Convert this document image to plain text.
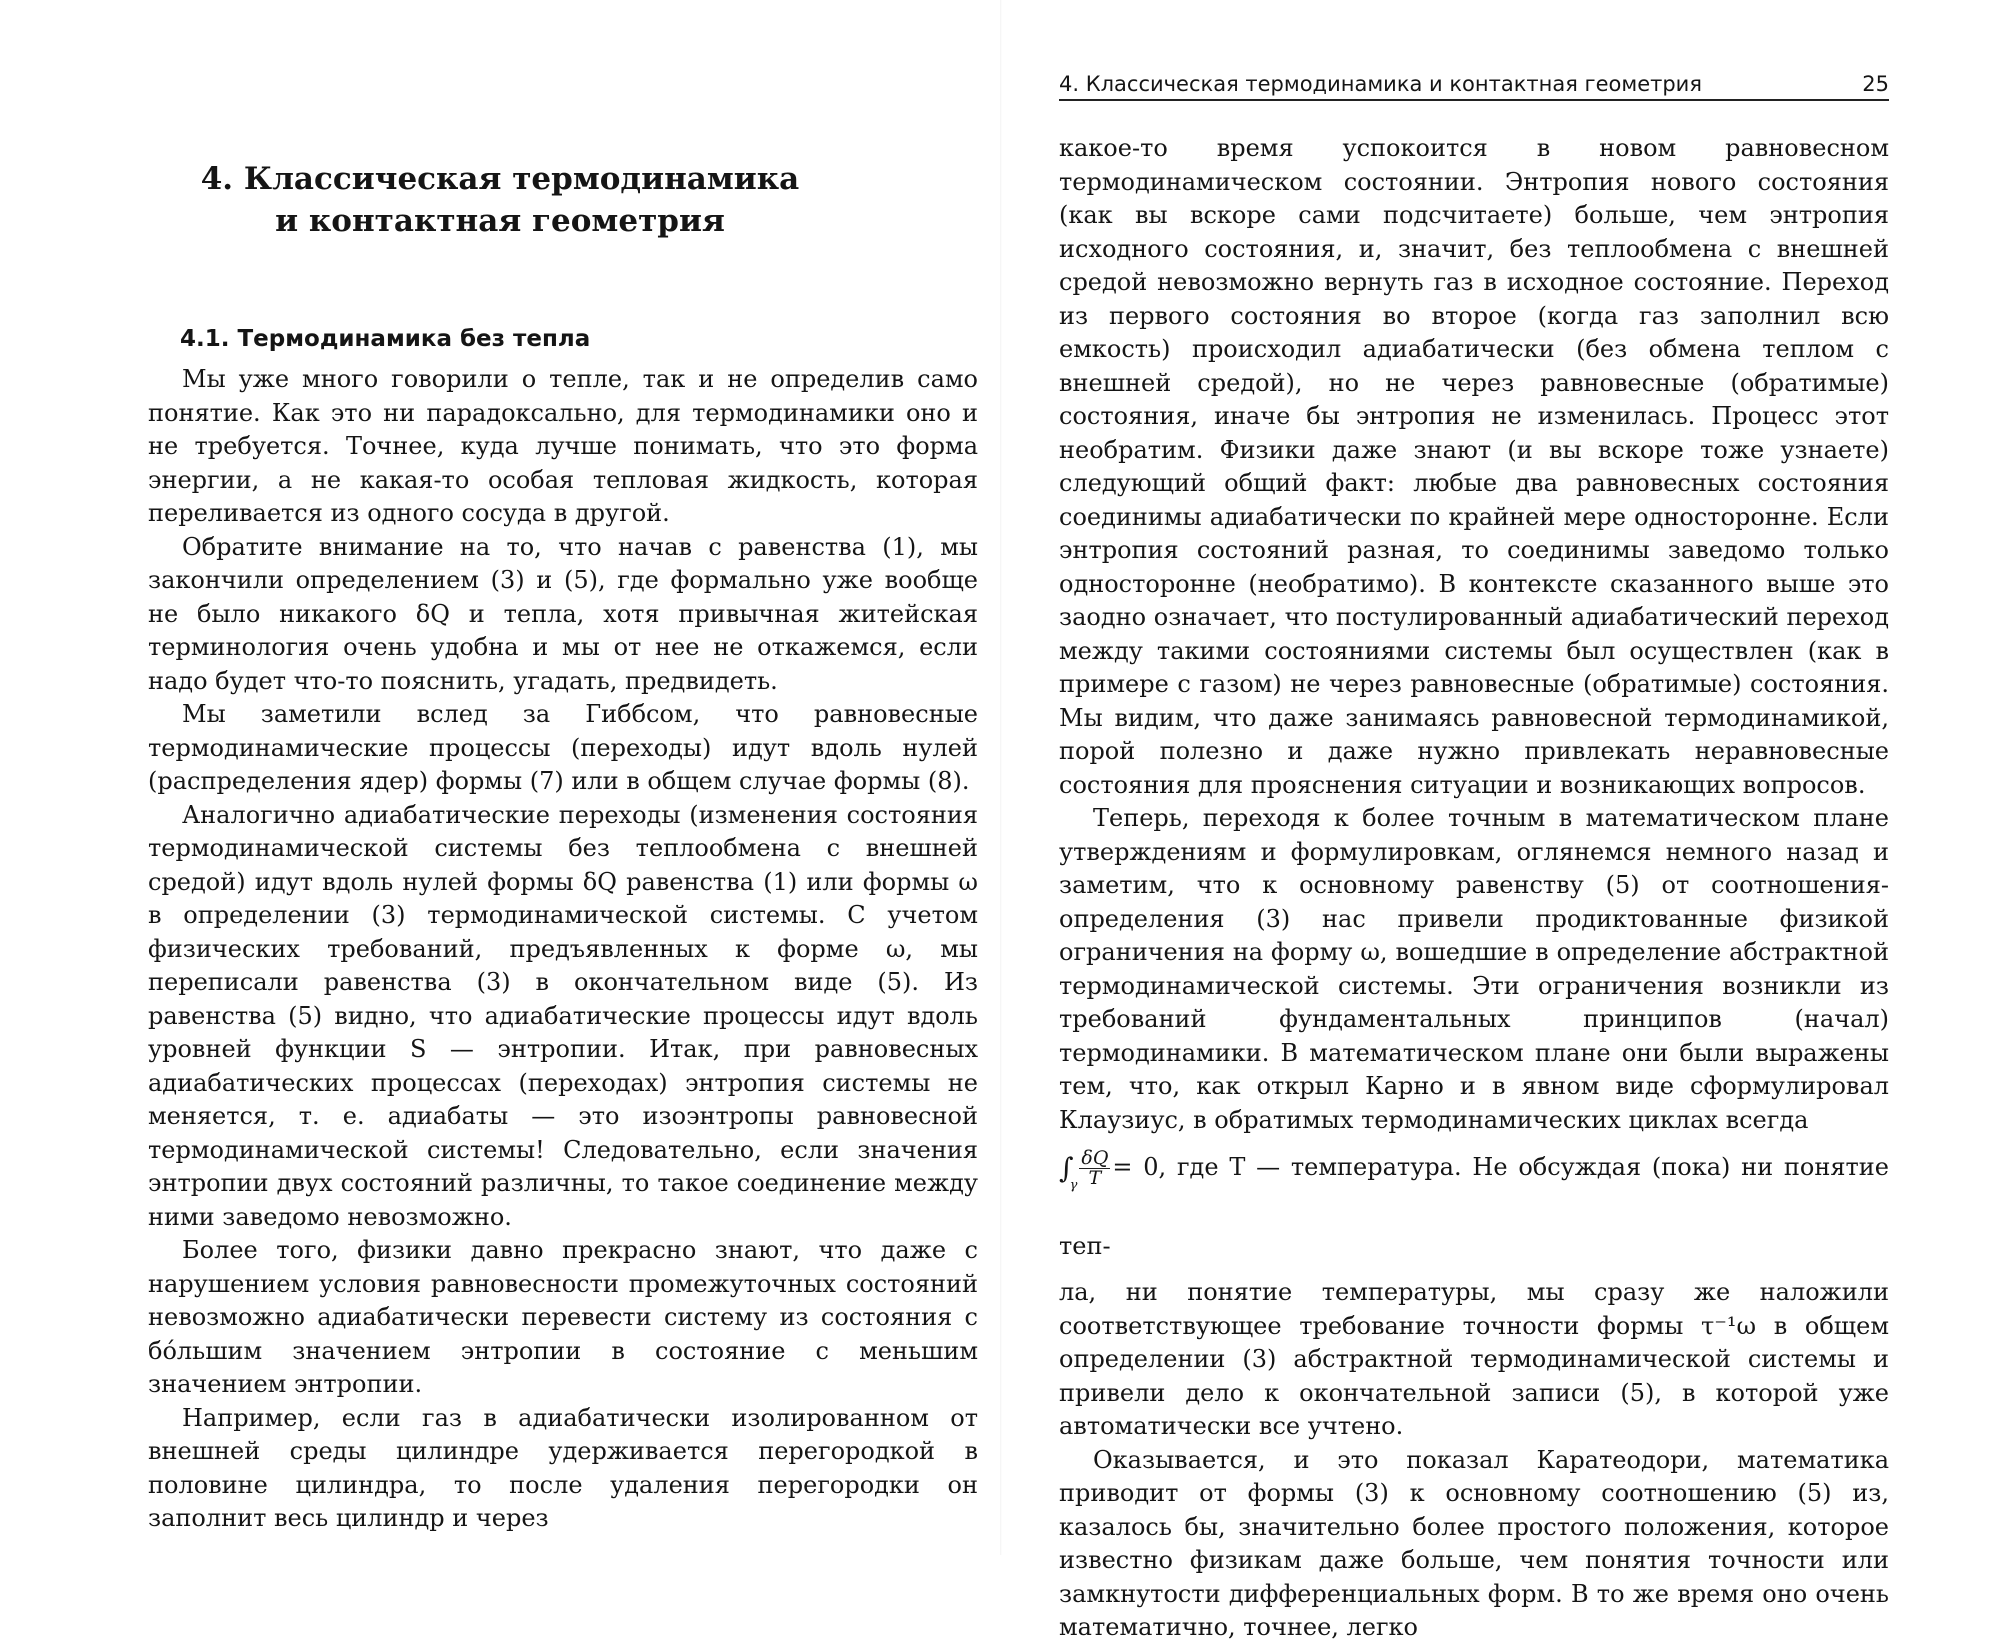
4. Классическая термодинамика
и контактная геометрия
4.1. Термодинамика без тепла

Мы уже много говорили о тепле, так и не определив само понятие. Как это ни парадоксально, для термодинамики оно и не требуется. Точнее, куда лучше понимать, что это форма энергии, а не какая-то особая тепловая жидкость, которая переливается из одного сосуда в другой.

Обратите внимание на то, что начав с равенства (1), мы закончили определением (3) и (5), где формально уже вообще не было никакого δQ и тепла, хотя привычная житейская терминология очень удобна и мы от нее не откажемся, если надо будет что-то пояснить, угадать, предвидеть.

Мы заметили вслед за Гиббсом, что равновесные термодинамические процессы (переходы) идут вдоль нулей (распределения ядер) формы (7) или в общем случае формы (8).

Аналогично адиабатические переходы (изменения состояния термодинамической системы без теплообмена с внешней средой) идут вдоль нулей формы δQ равенства (1) или формы ω в определении (3) термодинамической системы. С учетом физических требований, предъявленных к форме ω, мы переписали равенства (3) в окончательном виде (5). Из равенства (5) видно, что адиабатические процессы идут вдоль уровней функции S — энтропии. Итак, при равновесных адиабатических процессах (переходах) энтропия системы не меняется, т. е. адиабаты — это изоэнтропы равновесной термодинамической системы! Следовательно, если значения энтропии двух состояний различны, то такое соединение между ними заведомо невозможно.

Более того, физики давно прекрасно знают, что даже с нарушением условия равновесности промежуточных состояний невозможно адиабатически перевести систему из состояния с бóльшим значением энтропии в состояние с меньшим значением энтропии.

Например, если газ в адиабатически изолированном от внешней среды цилиндре удерживается перегородкой в половине цилиндра, то после удаления перегородки он заполнит весь цилиндр и через

4. Классическая термодинамика и контактная геометрия	25

какое-то время успокоится в новом равновесном термодинамическом состоянии. Энтропия нового состояния (как вы вскоре сами подсчитаете) больше, чем энтропия исходного состояния, и, значит, без теплообмена с внешней средой невозможно вернуть газ в исходное состояние. Переход из первого состояния во второе (когда газ заполнил всю емкость) происходил адиабатически (без обмена теплом с внешней средой), но не через равновесные (обратимые) состояния, иначе бы энтропия не изменилась. Процесс этот необратим. Физики даже знают (и вы вскоре тоже узнаете) следующий общий факт: любые два равновесных состояния соединимы адиабатически по крайней мере односторонне. Если энтропия состояний разная, то соединимы заведомо только односторонне (необратимо). В контексте сказанного выше это заодно означает, что постулированный адиабатический переход между такими состояниями системы был осуществлен (как в примере с газом) не через равновесные (обратимые) состояния. Мы видим, что даже занимаясь равновесной термодинамикой, порой полезно и даже нужно привлекать неравновесные состояния для прояснения ситуации и возникающих вопросов.

Теперь, переходя к более точным в математическом плане утверждениям и формулировкам, оглянемся немного назад и заметим, что к основному равенству (5) от соотношения-определения (3) нас привели продиктованные физикой ограничения на форму ω, вошедшие в определение абстрактной термодинамической системы. Эти ограничения возникли из требований фундаментальных принципов (начал) термодинамики. В математическом плане они были выражены тем, что, как открыл Карно и в явном виде сформулировал Клаузиус, в обратимых термодинамических циклах всегда

$\int_\gamma \frac{\delta Q}{T} = 0$, где T — температура. Не обсуждая (пока) ни понятие теп-

ла, ни понятие температуры, мы сразу же наложили соответствующее требование точности формы τ⁻¹ω в общем определении (3) абстрактной термодинамической системы и привели дело к окончательной записи (5), в которой уже автоматически все учтено.

Оказывается, и это показал Каратеодори, математика приводит от формы (3) к основному соотношению (5) из, казалось бы, значительно более простого положения, которое известно физикам даже больше, чем понятия точности или замкнутости дифференциальных форм. В то же время оно очень математично, точнее, легко
